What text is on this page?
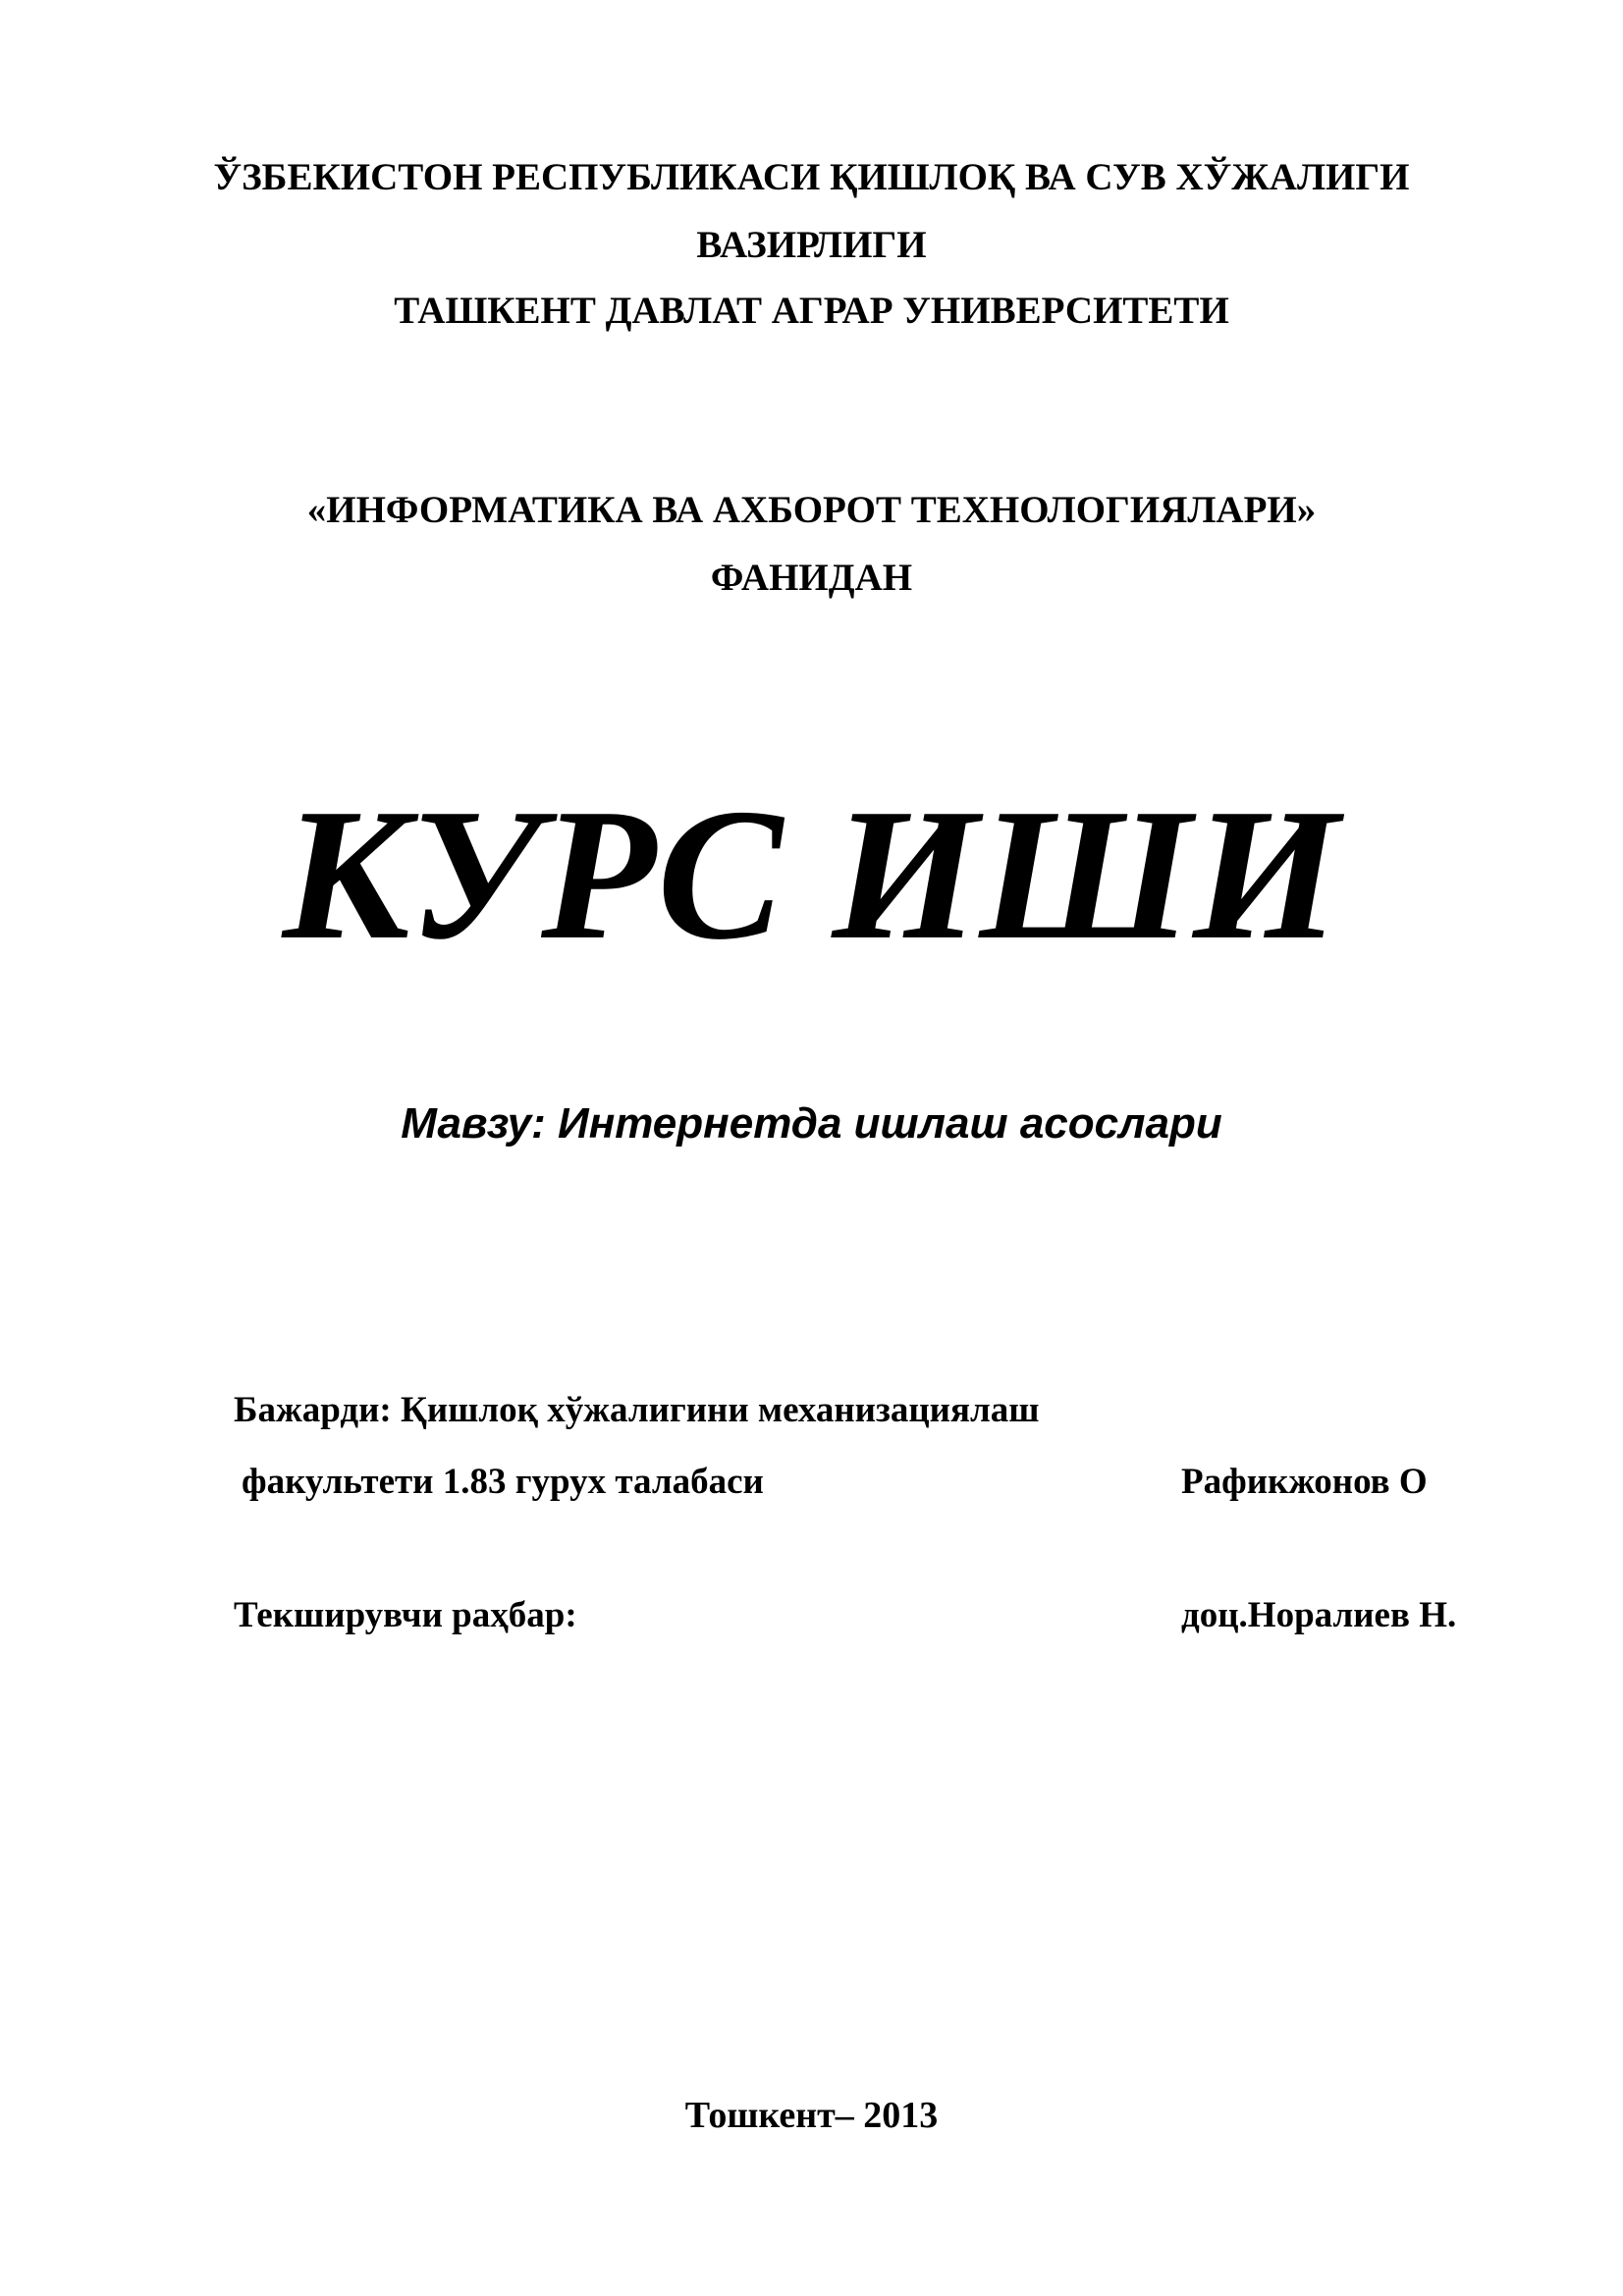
ЎЗБЕКИСТОН РЕСПУБЛИКАСИ ҚИШЛОҚ ВА СУВ ХЎЖАЛИГИ
ВАЗИРЛИГИ
ТАШКЕНТ ДАВЛАТ АГРАР УНИВЕРСИТЕТИ
«ИНФОРМАТИКА ВА АХБОРОТ ТЕХНОЛОГИЯЛАРИ»
ФАНИДАН
КУРС ИШИ
Мавзу: Интернетда ишлаш асослари
Бажарди: Қишлоқ хўжалигини механизациялаш
факультети 1.83 гурух талабаси	Рафикжонов О
Текширувчи раҳбар:	доц.Норалиев Н.
Тошкент– 2013
